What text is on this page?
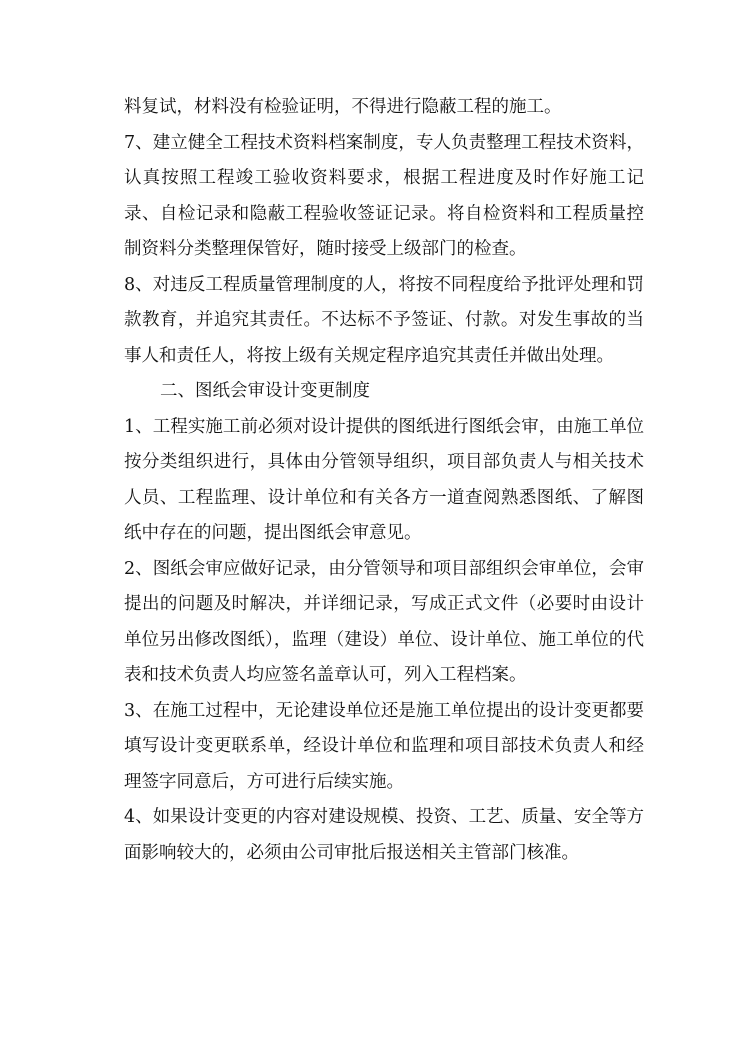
料复试，材料没有检验证明，不得进行隐蔽工程的施工。

7、建立健全工程技术资料档案制度，专人负责整理工程技术资料，认真按照工程竣工验收资料要求，根据工程进度及时作好施工记录、自检记录和隐蔽工程验收签证记录。将自检资料和工程质量控制资料分类整理保管好，随时接受上级部门的检查。

8、对违反工程质量管理制度的人，将按不同程度给予批评处理和罚款教育，并追究其责任。不达标不予签证、付款。对发生事故的当事人和责任人，将按上级有关规定程序追究其责任并做出处理。

二、图纸会审设计变更制度

1、工程实施工前必须对设计提供的图纸进行图纸会审，由施工单位按分类组织进行，具体由分管领导组织，项目部负责人与相关技术人员、工程监理、设计单位和有关各方一道查阅熟悉图纸、了解图纸中存在的问题，提出图纸会审意见。

2、图纸会审应做好记录，由分管领导和项目部组织会审单位，会审提出的问题及时解决，并详细记录，写成正式文件（必要时由设计单位另出修改图纸），监理（建设）单位、设计单位、施工单位的代表和技术负责人均应签名盖章认可，列入工程档案。

3、在施工过程中，无论建设单位还是施工单位提出的设计变更都要填写设计变更联系单，经设计单位和监理和项目部技术负责人和经理签字同意后，方可进行后续实施。

4、如果设计变更的内容对建设规模、投资、工艺、质量、安全等方面影响较大的，必须由公司审批后报送相关主管部门核准。
